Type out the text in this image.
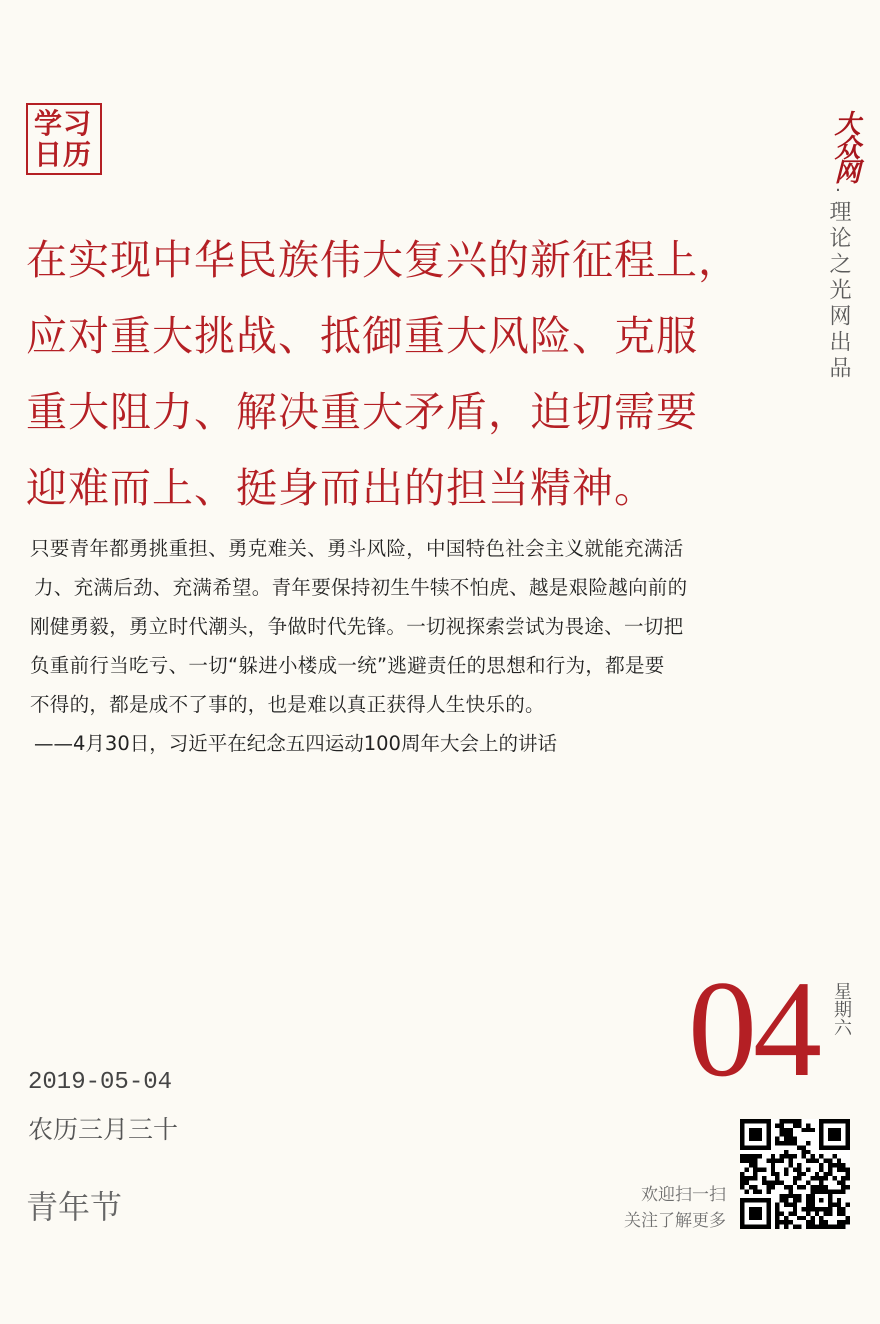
学习
日历	大众网
·
理论之光网出品
在实现中华民族伟大复兴的新征程上，
应对重大挑战、抵御重大风险、克服
重大阻力、解决重大矛盾，迫切需要
迎难而上、挺身而出的担当精神。
只要青年都勇挑重担、勇克难关、勇斗风险，中国特色社会主义就能充满活
力、充满后劲、充满希望。青年要保持初生牛犊不怕虎、越是艰险越向前的
刚健勇毅，勇立时代潮头，争做时代先锋。一切视探索尝试为畏途、一切把
负重前行当吃亏、一切“躲进小楼成一统”逃避责任的思想和行为，都是要
不得的，都是成不了事的，也是难以真正获得人生快乐的。
——4月30日，习近平在纪念五四运动100周年大会上的讲话
04 星期六
2019-05-04
农历三月三十
青年节	欢迎扫一扫
关注了解更多
